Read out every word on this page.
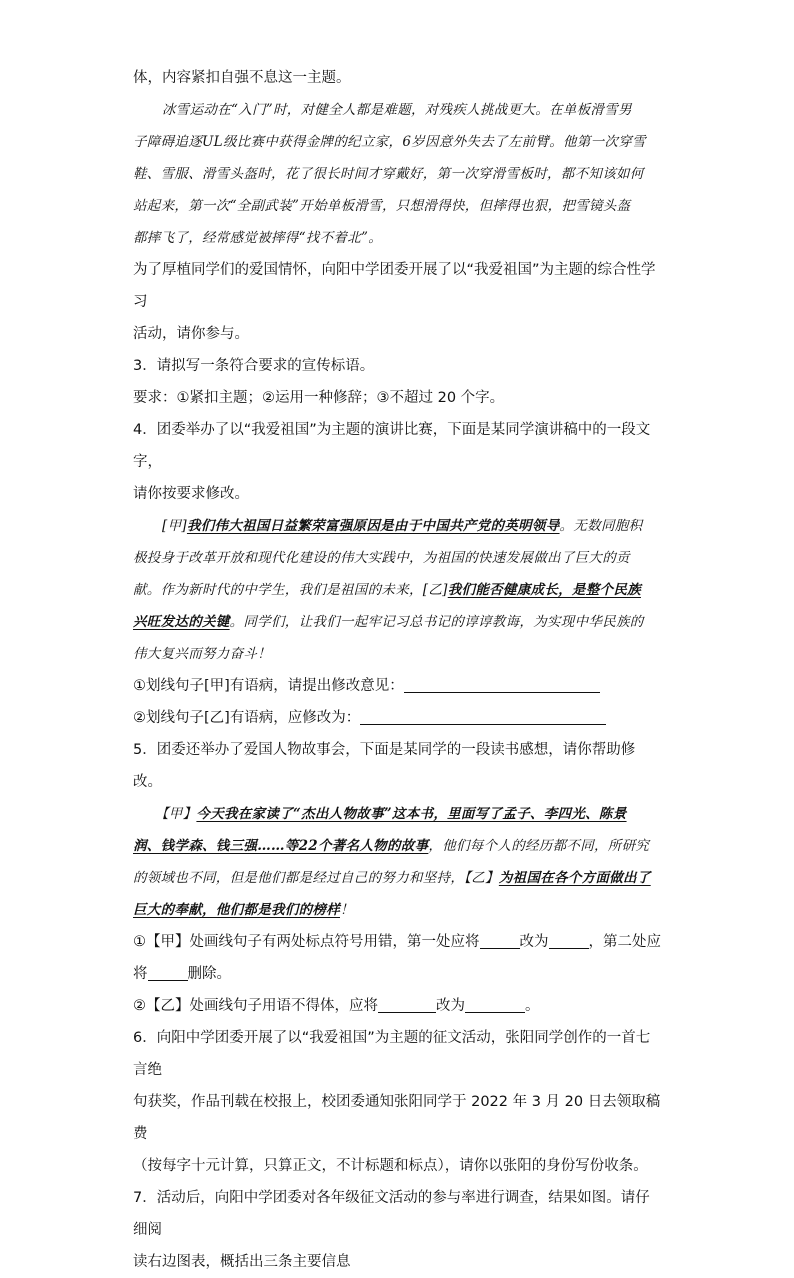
体，内容紧扣自强不息这一主题。

冰雪运动在“入门”时，对健全人都是难题，对残疾人挑战更大。在单板滑雪男

子障碍追逐UL级比赛中获得金牌的纪立家，6岁因意外失去了左前臂。他第一次穿雪

鞋、雪服、滑雪头盔时，花了很长时间才穿戴好，第一次穿滑雪板时，都不知该如何

站起来，第一次“全副武装”开始单板滑雪，只想滑得快，但摔得也狠，把雪镜头盔

都摔飞了，经常感觉被摔得“找不着北”。

为了厚植同学们的爱国情怀，向阳中学团委开展了以“我爱祖国”为主题的综合性学习

活动，请你参与。

3．请拟写一条符合要求的宣传标语。

要求：①紧扣主题；②运用一种修辞；③不超过 20 个字。

4．团委举办了以“我爱祖国”为主题的演讲比赛，下面是某同学演讲稿中的一段文字，

请你按要求修改。

[甲]我们伟大祖国日益繁荣富强原因是由于中国共产党的英明领导。无数同胞积

极投身于改革开放和现代化建设的伟大实践中，为祖国的快速发展做出了巨大的贡

献。作为新时代的中学生，我们是祖国的未来，[乙]我们能否健康成长，是整个民族

兴旺发达的关键。同学们，让我们一起牢记习总书记的谆谆教诲，为实现中华民族的

伟大复兴而努力奋斗！

①划线句子[甲]有语病，请提出修改意见：

②划线句子[乙]有语病，应修改为：

5．团委还举办了爱国人物故事会，下面是某同学的一段读书感想，请你帮助修改。

【甲】今天我在家读了“杰出人物故事”这本书，里面写了孟子、李四光、陈景

润、钱学森、钱三强……等22个著名人物的故事，他们每个人的经历都不同，所研究

的领域也不同，但是他们都是经过自己的努力和坚持，【乙】为祖国在各个方面做出了

巨大的奉献，他们都是我们的榜样！

①【甲】处画线句子有两处标点符号用错，第一处应将	改为	，第二处应

将	删除。

②【乙】处画线句子用语不得体，应将	改为	。

6．向阳中学团委开展了以“我爱祖国”为主题的征文活动，张阳同学创作的一首七言绝

句获奖，作品刊载在校报上，校团委通知张阳同学于 2022 年 3 月 20 日去领取稿费

（按每字十元计算，只算正文，不计标题和标点），请你以张阳的身份写份收条。

7．活动后，向阳中学团委对各年级征文活动的参与率进行调查，结果如图。请仔细阅

读右边图表，概括出三条主要信息
